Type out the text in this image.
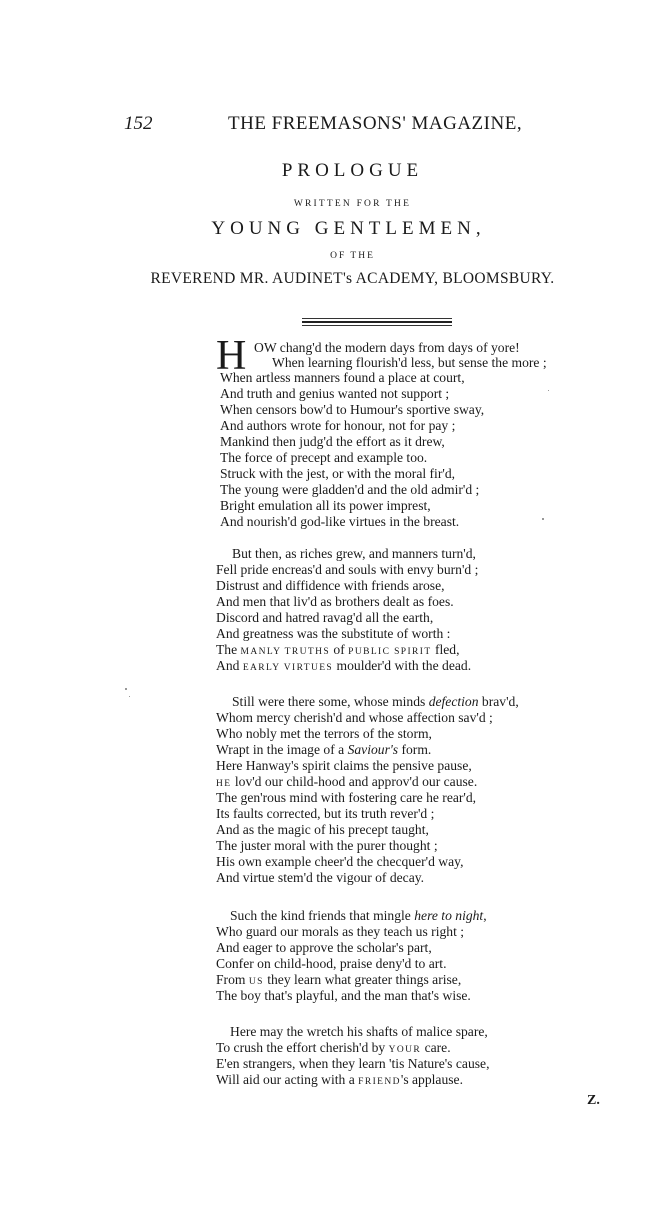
152	THE FREEMASONS' MAGAZINE,
PROLOGUE
WRITTEN FOR THE
YOUNG GENTLEMEN,
OF THE
REVEREND MR. AUDINET's ACADEMY, BLOOMSBURY.
H OW chang'd the modern days from days of yore!
When learning flourish'd less, but sense the more ;
When artless manners found a place at court,
And truth and genius wanted not support ;
When censors bow'd to Humour's sportive sway,
And authors wrote for honour, not for pay ;
Mankind then judg'd the effort as it drew,
The force of precept and example too.
Struck with the jest, or with the moral fir'd,
The young were gladden'd and the old admir'd ;
Bright emulation all its power imprest,
And nourish'd god-like virtues in the breast.
But then, as riches grew, and manners turn'd,
Fell pride encreas'd and souls with envy burn'd ;
Distrust and diffidence with friends arose,
And men that liv'd as brothers dealt as foes.
Discord and hatred ravag'd all the earth,
And greatness was the substitute of worth :
The MANLY TRUTHS of PUBLIC SPIRIT fled,
And EARLY VIRTUES moulder'd with the dead.
Still were there some, whose minds defection brav'd,
Whom mercy cherish'd and whose affection sav'd ;
Who nobly met the terrors of the storm,
Wrapt in the image of a Saviour's form.
Here Hanway's spirit claims the pensive pause,
HE lov'd our child-hood and approv'd our cause.
The gen'rous mind with fostering care he rear'd,
Its faults corrected, but its truth rever'd ;
And as the magic of his precept taught,
The juster moral with the purer thought ;
His own example cheer'd the checquer'd way,
And virtue stem'd the vigour of decay.
Such the kind friends that mingle here to night,
Who guard our morals as they teach us right ;
And eager to approve the scholar's part,
Confer on child-hood, praise deny'd to art.
From US they learn what greater things arise,
The boy that's playful, and the man that's wise.
Here may the wretch his shafts of malice spare,
To crush the effort cherish'd by YOUR care.
E'en strangers, when they learn 'tis Nature's cause,
Will aid our acting with a FRIEND's applause.
Z.
